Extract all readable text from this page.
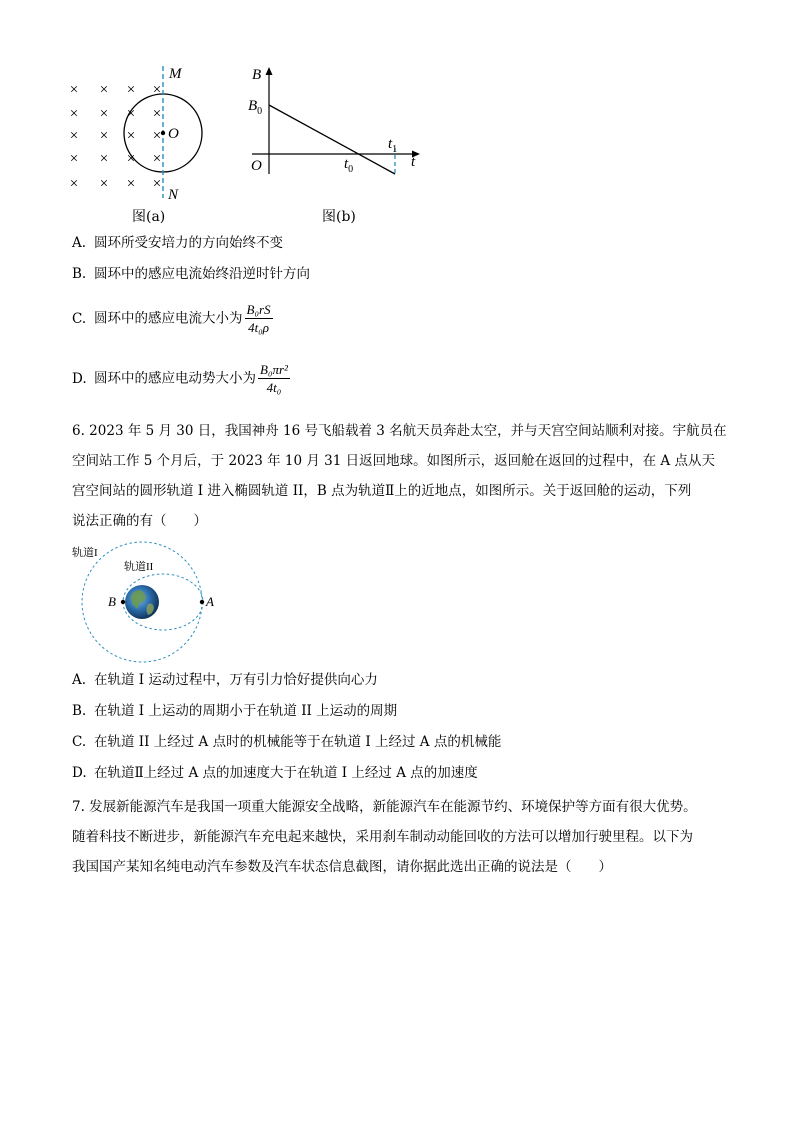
× × × ×
× × × ×
× × × ×
× × × ×
× × × ×
M
O
N
图(a)
B
$B_0$
O	$t_0$
$t_1$
t
图(b)
A. 圆环所受安培力的方向始终不变
B. 圆环中的感应电流始终沿逆时针方向
C. 圆环中的感应电流大小为 $\frac{\text{B₀rS}}{\text{4t₀ρ}}$
D. 圆环中的感应电动势大小为 $\frac{\text{B₀πr²}}{\text{4t₀}}$
6. 2023 年 5 月 30 日，我国神舟 16 号飞船载着 3 名航天员奔赴太空，并与天宫空间站顺利对接。宇航员在
空间站工作 5 个月后，于 2023 年 10 月 31 日返回地球。如图所示，返回舱在返回的过程中，在 A 点从天
宫空间站的圆形轨道 I 进入椭圆轨道 II，B 点为轨道Ⅱ上的近地点，如图所示。关于返回舱的运动，下列
说法正确的有（　　）
轨道I
轨道II
B	A
A. 在轨道 I 运动过程中，万有引力恰好提供向心力
B. 在轨道 I 上运动的周期小于在轨道 II 上运动的周期
C. 在轨道 II 上经过 A 点时的机械能等于在轨道 I 上经过 A 点的机械能
D. 在轨道Ⅱ上经过 A 点的加速度大于在轨道 I 上经过 A 点的加速度
7. 发展新能源汽车是我国一项重大能源安全战略，新能源汽车在能源节约、环境保护等方面有很大优势。
随着科技不断进步，新能源汽车充电起来越快，采用刹车制动动能回收的方法可以增加行驶里程。以下为
我国国产某知名纯电动汽车参数及汽车状态信息截图，请你据此选出正确的说法是（　　）
